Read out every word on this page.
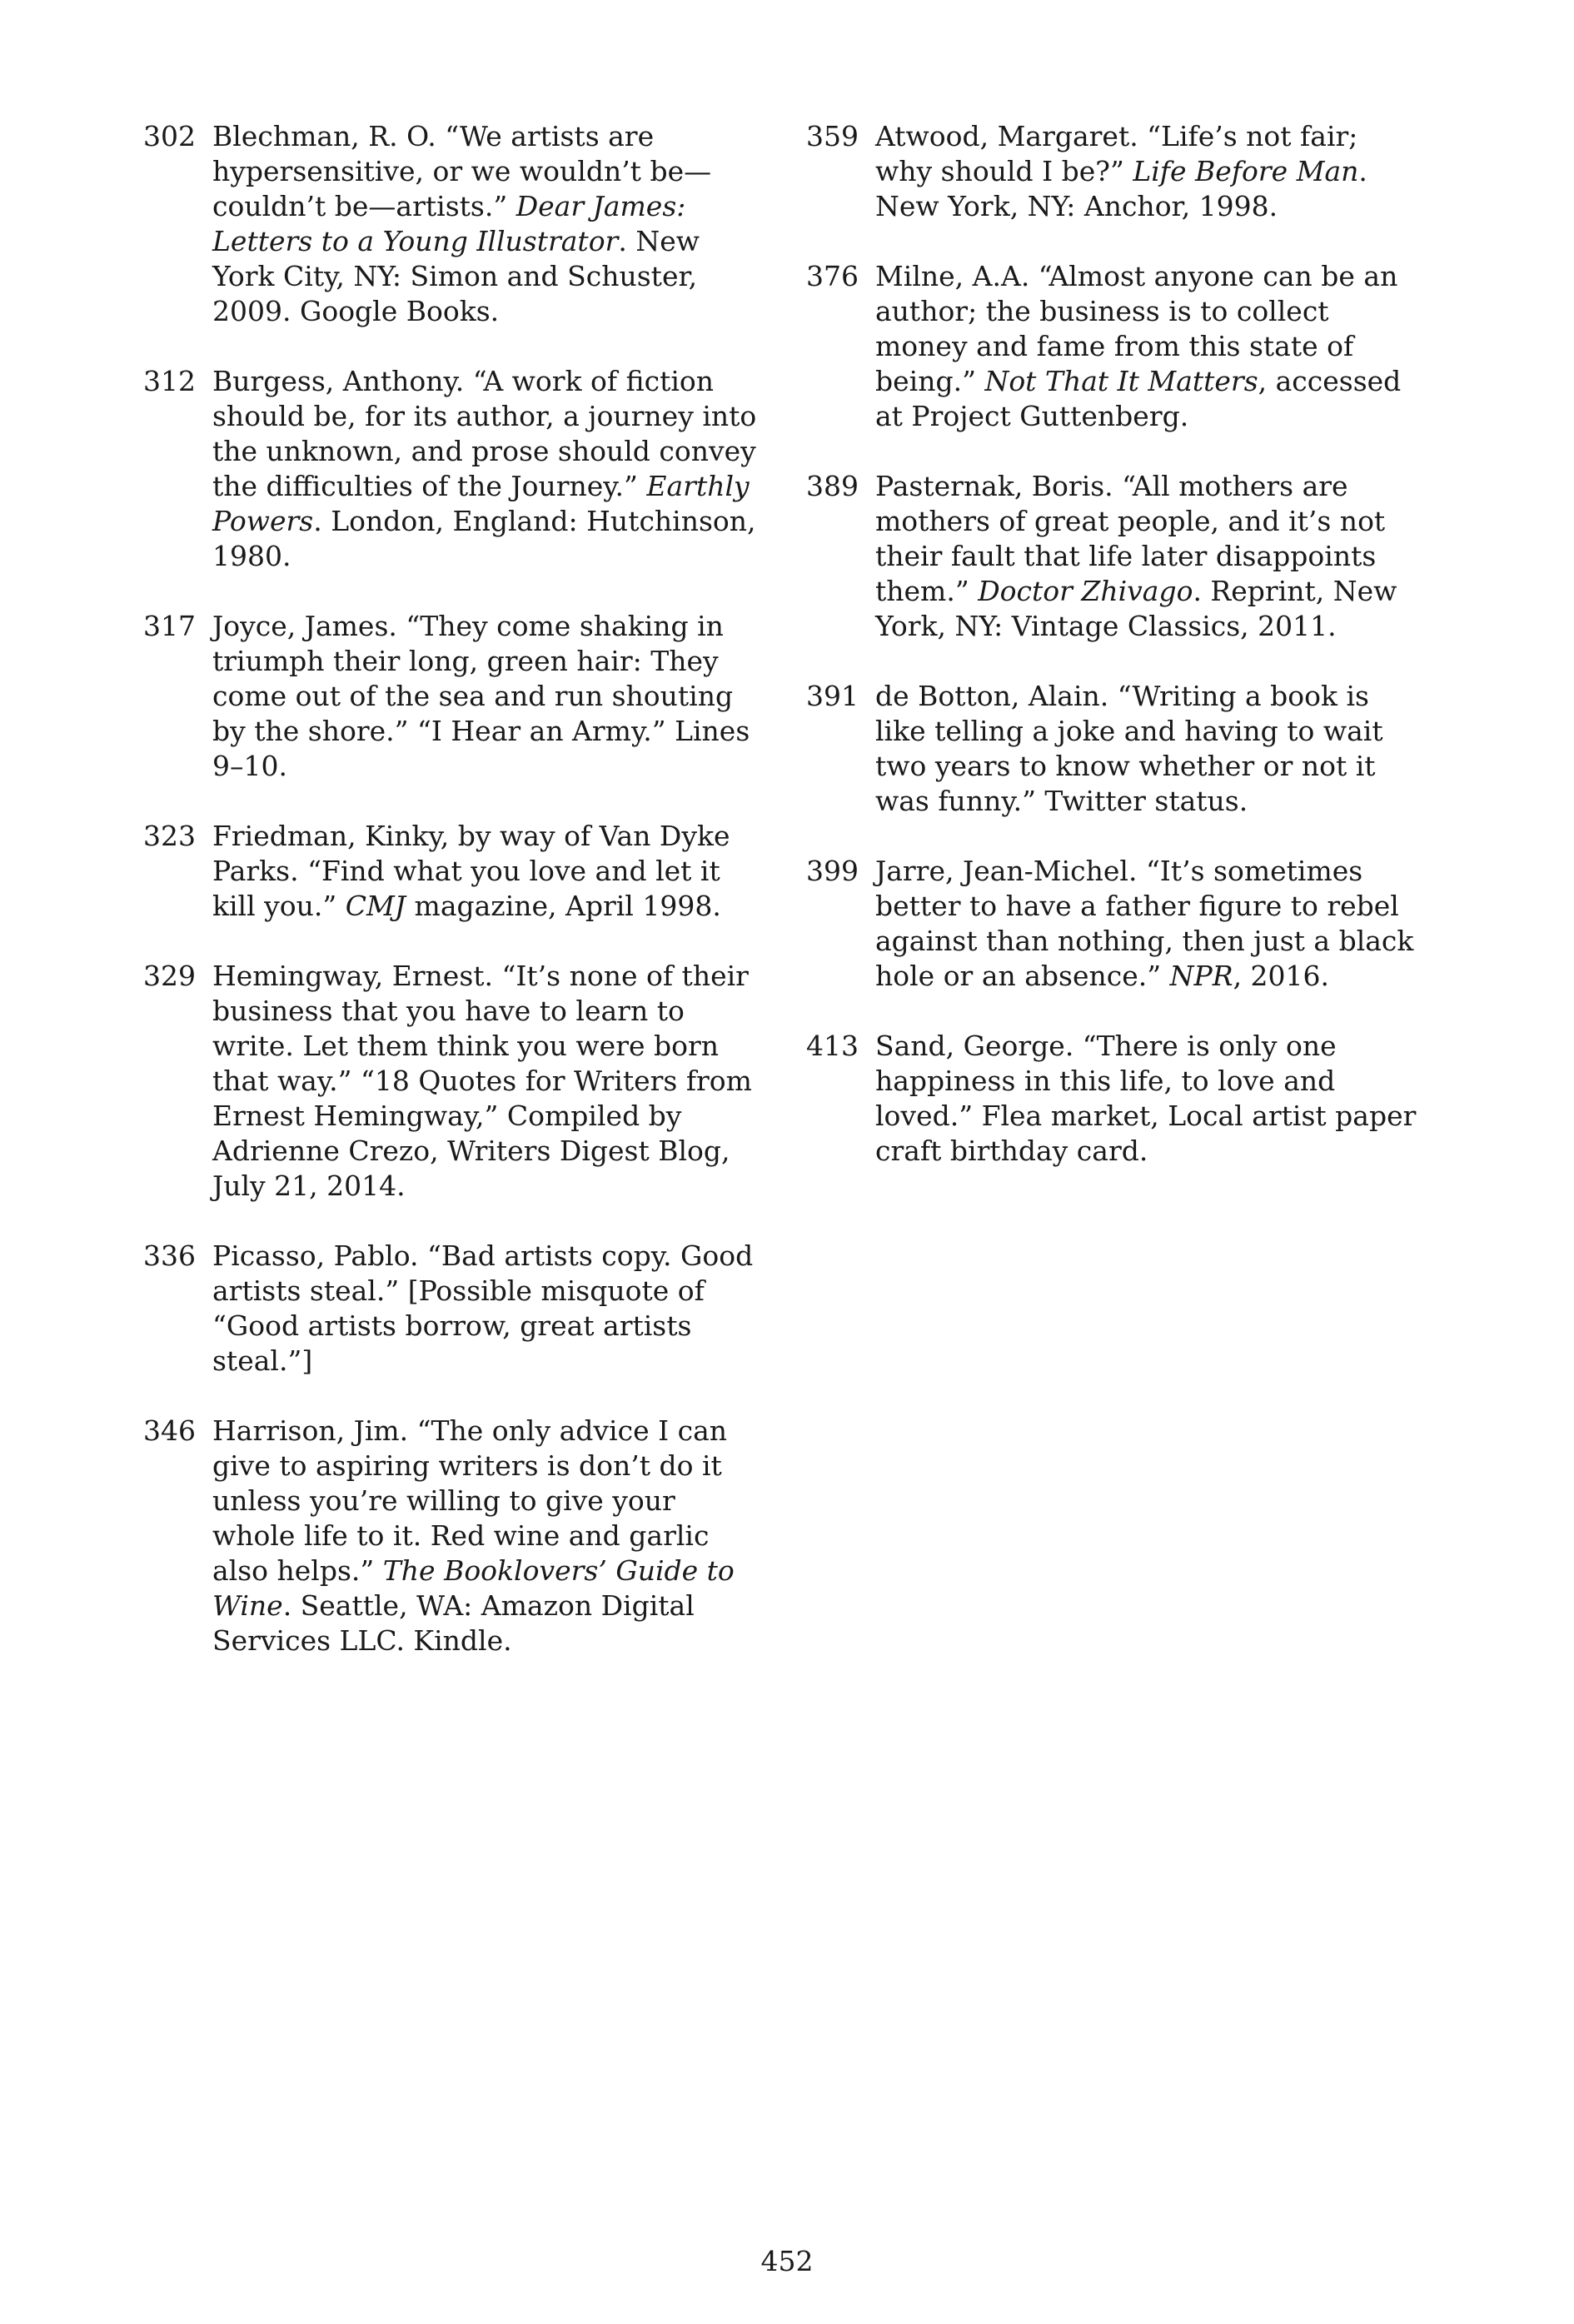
302 Blechman, R. O. “We artists are hypersensitive, or we wouldn’t be—couldn’t be—artists.” Dear James: Letters to a Young Illustrator. New York City, NY: Simon and Schuster, 2009. Google Books.
312 Burgess, Anthony. “A work of fiction should be, for its author, a journey into the unknown, and prose should convey the difficulties of the Journey.” Earthly Powers. London, England: Hutchinson, 1980.
317 Joyce, James. “They come shaking in triumph their long, green hair: They come out of the sea and run shouting by the shore.” “I Hear an Army.” Lines 9–10.
323 Friedman, Kinky, by way of Van Dyke Parks. “Find what you love and let it kill you.” CMJ magazine, April 1998.
329 Hemingway, Ernest. “It’s none of their business that you have to learn to write. Let them think you were born that way.” “18 Quotes for Writers from Ernest Hemingway,” Compiled by Adrienne Crezo, Writers Digest Blog, July 21, 2014.
336 Picasso, Pablo. “Bad artists copy. Good artists steal.” [Possible misquote of “Good artists borrow, great artists steal.”]
346 Harrison, Jim. “The only advice I can give to aspiring writers is don’t do it unless you’re willing to give your whole life to it. Red wine and garlic also helps.” The Booklovers’ Guide to Wine. Seattle, WA: Amazon Digital Services LLC. Kindle.
359 Atwood, Margaret. “Life’s not fair; why should I be?” Life Before Man. New York, NY: Anchor, 1998.
376 Milne, A.A. “Almost anyone can be an author; the business is to collect money and fame from this state of being.” Not That It Matters, accessed at Project Guttenberg.
389 Pasternak, Boris. “All mothers are mothers of great people, and it’s not their fault that life later disappoints them.” Doctor Zhivago. Reprint, New York, NY: Vintage Classics, 2011.
391 de Botton, Alain. “Writing a book is like telling a joke and having to wait two years to know whether or not it was funny.” Twitter status.
399 Jarre, Jean-Michel. “It’s sometimes better to have a father figure to rebel against than nothing, then just a black hole or an absence.” NPR, 2016.
413 Sand, George. “There is only one happiness in this life, to love and loved.” Flea market, Local artist paper craft birthday card.
452
